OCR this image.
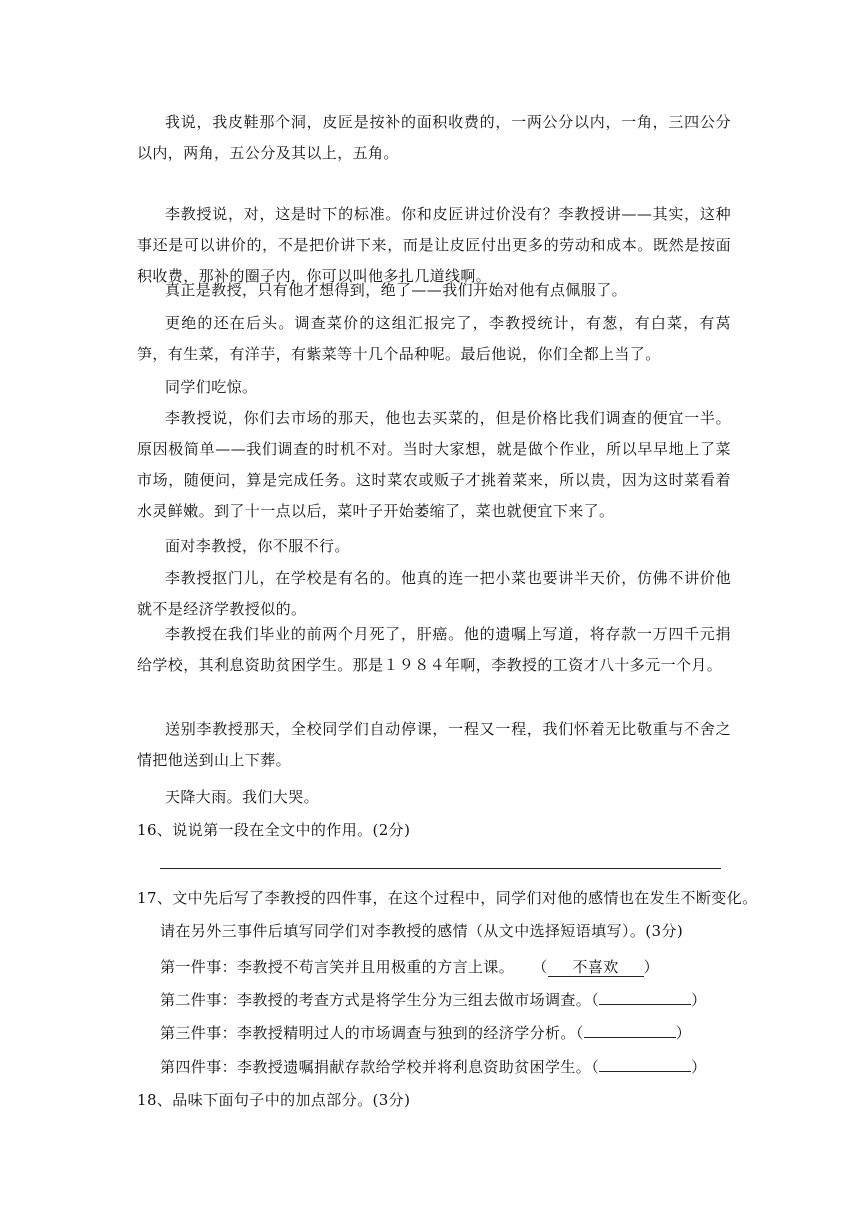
我说，我皮鞋那个洞，皮匠是按补的面积收费的，一两公分以内，一角，三四公分以内，两角，五公分及其以上，五角。
李教授说，对，这是时下的标准。你和皮匠讲过价没有？李教授讲——其实，这种事还是可以讲价的，不是把价讲下来，而是让皮匠付出更多的劳动和成本。既然是按面积收费，那补的圈子内，你可以叫他多扎几道线啊。
真正是教授，只有他才想得到，绝了——我们开始对他有点佩服了。
更绝的还在后头。调查菜价的这组汇报完了，李教授统计，有葱，有白菜，有莴笋，有生菜，有洋芋，有紫菜等十几个品种呢。最后他说，你们全都上当了。
同学们吃惊。
李教授说，你们去市场的那天，他也去买菜的，但是价格比我们调查的便宜一半。原因极简单——我们调查的时机不对。当时大家想，就是做个作业，所以早早地上了菜市场，随便问，算是完成任务。这时菜农或贩子才挑着菜来，所以贵，因为这时菜看着水灵鲜嫩。到了十一点以后，菜叶子开始萎缩了，菜也就便宜下来了。
面对李教授，你不服不行。
李教授抠门儿，在学校是有名的。他真的连一把小菜也要讲半天价，仿佛不讲价他就不是经济学教授似的。
李教授在我们毕业的前两个月死了，肝癌。他的遗嘱上写道，将存款一万四千元捐给学校，其利息资助贫困学生。那是１９８４年啊，李教授的工资才八十多元一个月。
送别李教授那天，全校同学们自动停课，一程又一程，我们怀着无比敬重与不舍之情把他送到山上下葬。
天降大雨。我们大哭。
16、说说第一段在全文中的作用。(2分)
17、文中先后写了李教授的四件事，在这个过程中，同学们对他的感情也在发生不断变化。
请在另外三事件后填写同学们对李教授的感情（从文中选择短语填写）。(3分)
第一件事：李教授不苟言笑并且用极重的方言上课。 （ 不喜欢 ）
第二件事：李教授的考查方式是将学生分为三组去做市场调查。（	）
第三件事：李教授精明过人的市场调查与独到的经济学分析。（	）
第四件事：李教授遗嘱捐献存款给学校并将利息资助贫困学生。（	）
18、品味下面句子中的加点部分。(3分)
